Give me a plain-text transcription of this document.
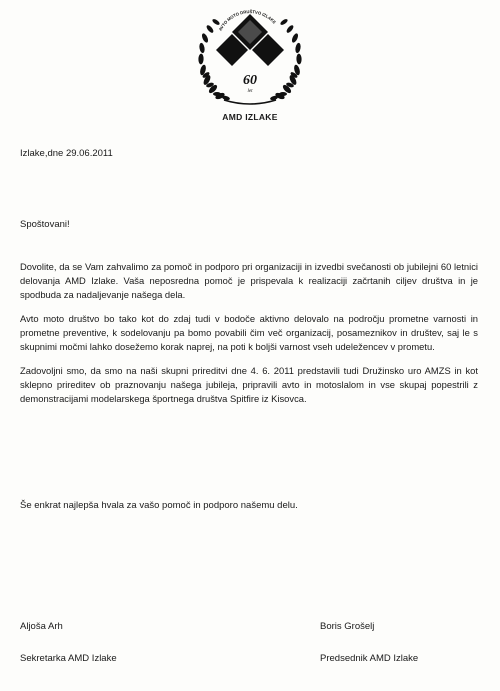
AVTO MOTO DRUŠTVO IZLAKE
60
let
AMD IZLAKE
Izlake,dne 29.06.2011
Spoštovani!

Dovolite, da se Vam zahvalimo za pomoč in podporo pri organizaciji in izvedbi svečanosti ob jubilejni 60 letnici delovanja AMD Izlake. Vaša neposredna pomoč je prispevala k realizaciji začrtanih ciljev društva in je spodbuda za nadaljevanje našega dela.

Avto moto društvo bo tako kot do zdaj tudi v bodoče aktivno delovalo na področju prometne varnosti in prometne preventive, k sodelovanju pa bomo povabili čim več organizacij, posameznikov in društev, saj le s skupnimi močmi lahko dosežemo korak naprej, na poti k boljši varnost vseh udeležencev v prometu.

Zadovoljni smo, da smo na naši skupni prireditvi dne 4. 6. 2011 predstavili tudi Družinsko uro AMZS in kot sklepno prireditev ob praznovanju našega jubileja, pripravili avto in motoslalom in vse skupaj popestrili z demonstracijami modelarskega športnega društva Spitfire iz Kisovca.

Še enkrat najlepša hvala za vašo pomoč in podporo našemu delu.
Aljoša Arh
Sekretarka AMD Izlake
Boris Grošelj
Predsednik AMD Izlake
